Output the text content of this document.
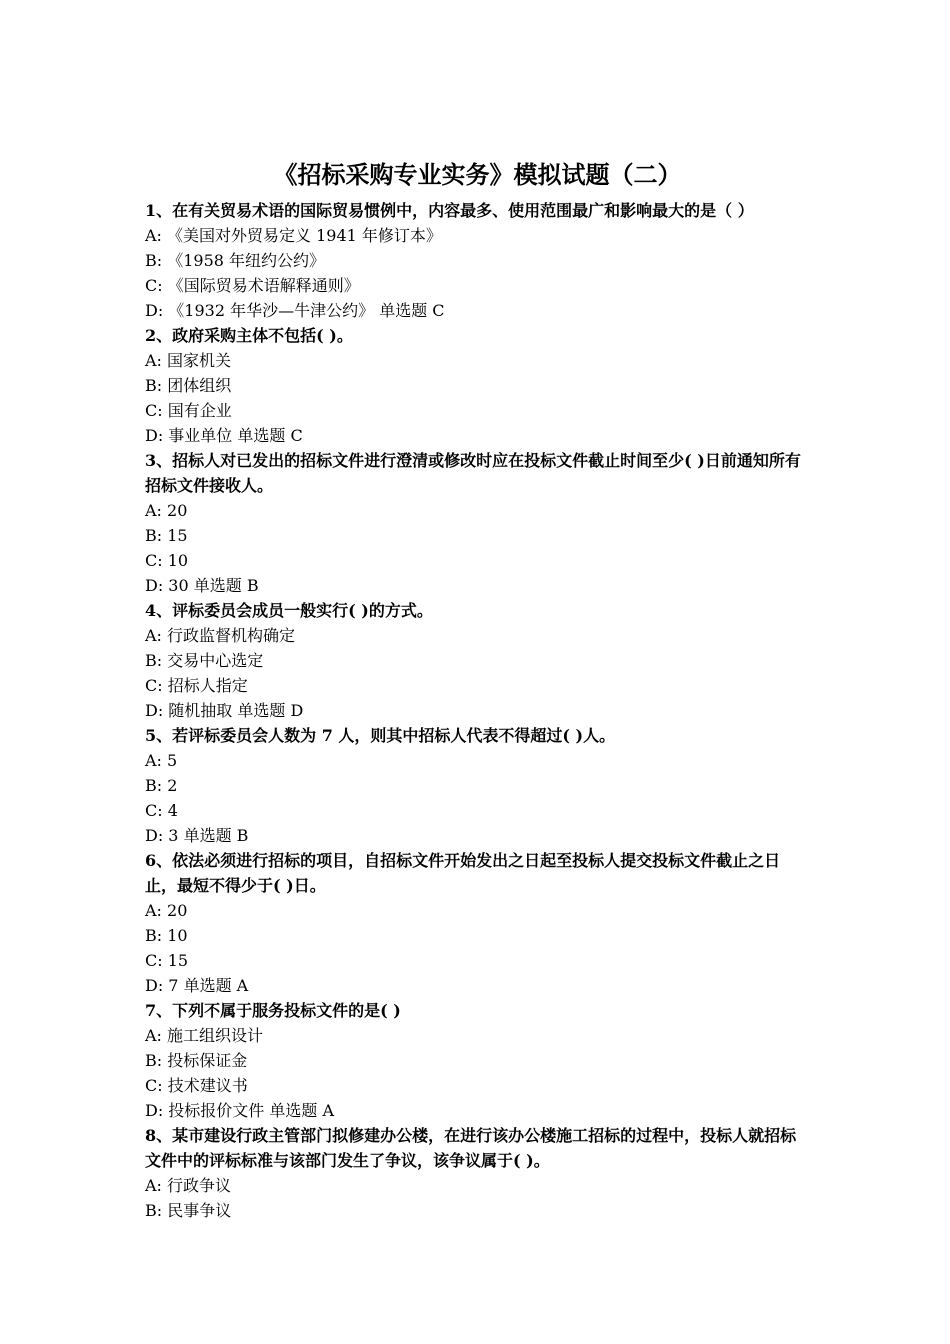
《招标采购专业实务》模拟试题（二）

1、在有关贸易术语的国际贸易惯例中，内容最多、使用范围最广和影响最大的是（ ）

A: 《美国对外贸易定义 1941 年修订本》

B: 《1958 年纽约公约》

C: 《国际贸易术语解释通则》

D: 《1932 年华沙—牛津公约》 单选题 C

2、政府采购主体不包括( )。

A: 国家机关

B: 团体组织

C: 国有企业

D: 事业单位 单选题 C

3、招标人对已发出的招标文件进行澄清或修改时应在投标文件截止时间至少( )日前通知所有招标文件接收人。

A: 20

B: 15

C: 10

D: 30 单选题 B

4、评标委员会成员一般实行( )的方式。

A: 行政监督机构确定

B: 交易中心选定

C: 招标人指定

D: 随机抽取 单选题 D

5、若评标委员会人数为 7 人，则其中招标人代表不得超过( )人。

A: 5

B: 2

C: 4

D: 3 单选题 B

6、依法必须进行招标的项目，自招标文件开始发出之日起至投标人提交投标文件截止之日止，最短不得少于( )日。

A: 20

B: 10

C: 15

D: 7 单选题 A

7、下列不属于服务投标文件的是( )

A: 施工组织设计

B: 投标保证金

C: 技术建议书

D: 投标报价文件 单选题 A

8、某市建设行政主管部门拟修建办公楼，在进行该办公楼施工招标的过程中，投标人就招标文件中的评标标准与该部门发生了争议，该争议属于( )。

A: 行政争议

B: 民事争议
